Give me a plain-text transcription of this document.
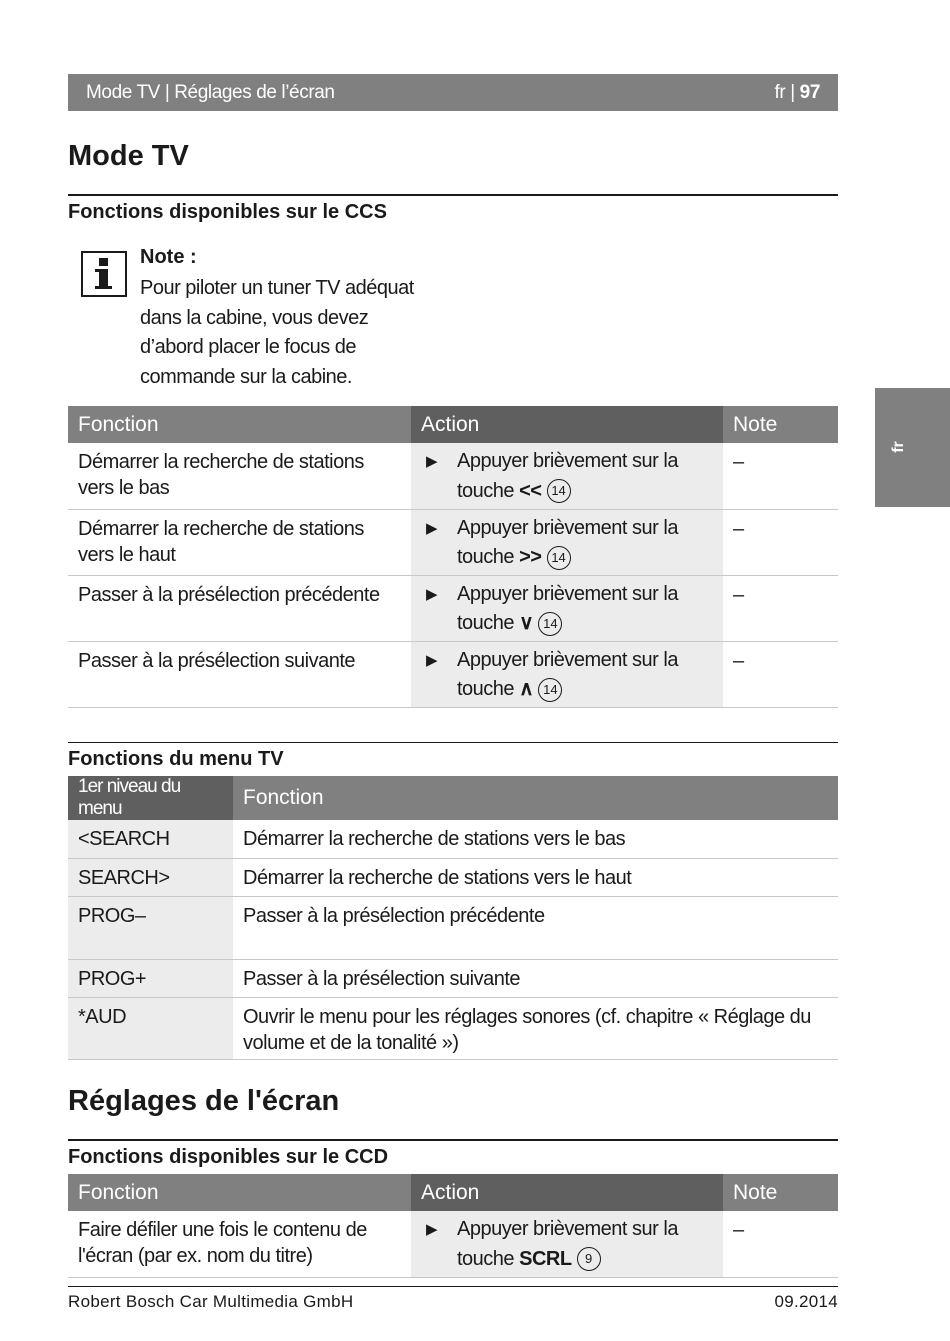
Mode TV | Réglages de l’écran	fr | 97
fr
Mode TV
Fonctions disponibles sur le CCS
Note :
Pour piloter un tuner TV adéquat dans la cabine, vous devez d’abord placer le focus de commande sur la cabine.
Fonction	Action	Note
Démarrer la recherche de stations vers le bas	▶ Appuyer brièvement sur la touche << 14	–
Démarrer la recherche de stations vers le haut	▶ Appuyer brièvement sur la touche >> 14	–
Passer à la présélection précédente	▶ Appuyer brièvement sur la touche ∨ 14	–
Passer à la présélection suivante	▶ Appuyer brièvement sur la touche ∧ 14	–
Fonctions du menu TV
1er niveau du menu	Fonction
<SEARCH	Démarrer la recherche de stations vers le bas
SEARCH>	Démarrer la recherche de stations vers le haut
PROG–	Passer à la présélection précédente
PROG+	Passer à la présélection suivante
*AUD	Ouvrir le menu pour les réglages sonores (cf. chapitre « Réglage du volume et de la tonalité »)
Réglages de l'écran
Fonctions disponibles sur le CCD
Fonction	Action	Note
Faire défiler une fois le contenu de l'écran (par ex. nom du titre)	▶ Appuyer brièvement sur la touche SCRL 9	–
Robert Bosch Car Multimedia GmbH	09.2014
